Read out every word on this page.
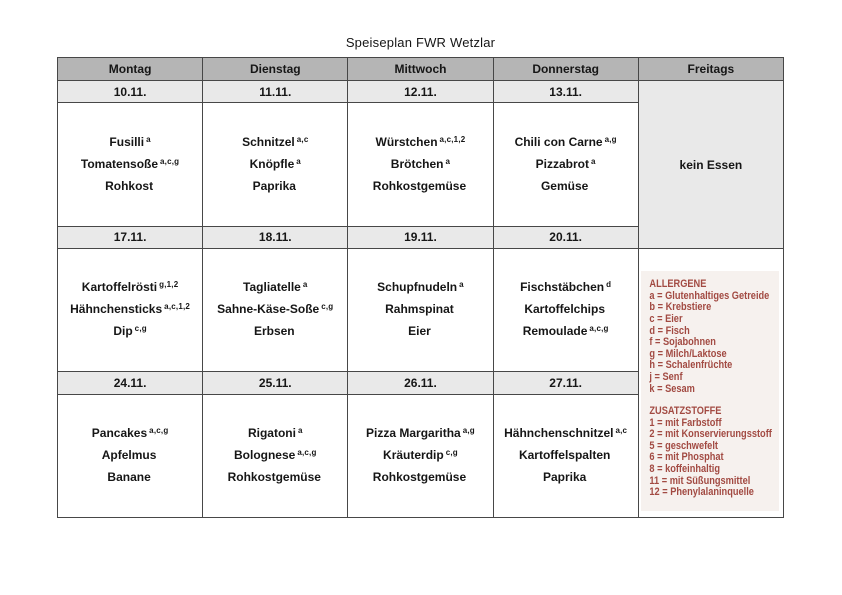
Speiseplan FWR Wetzlar
Montag	Dienstag	Mittwoch	Donnerstag	Freitags
10.11.	11.11.	12.11.	13.11.	kein Essen

Fusilli $^a$
Tomatensoße $^{a,c,g}$
Rohkost

Schnitzel $^{a,c}$
Knöpfle $^a$
Paprika

Würstchen $^{a,c,1,2}$
Brötchen $^a$
Rohkostgemüse

Chili con Carne $^{a,g}$
Pizzabrot $^a$
Gemüse

17.11.	18.11.	19.11.	20.11.	

Kartoffelrösti $^{g,1,2}$
Hähnchensticks $^{a,c,1,2}$
Dip $^{c,g}$

Tagliatelle $^a$
Sahne-Käse-Soße $^{c,g}$
Erbsen

Schupfnudeln $^a$
Rahmspinat
Eier

Fischstäbchen $^d$
Kartoffelchips
Remoulade $^{a,c,g}$

ALLERGENE
a = Glutenhaltiges Getreide
b = Krebstiere
c = Eier
d = Fisch
f = Sojabohnen
g = Milch/Laktose
h = Schalenfrüchte
j = Senf
k = Sesam
ZUSATZSTOFFE
1 = mit Farbstoff
2 = mit Konservierungsstoff
5 = geschwefelt
6 = mit Phosphat
8 = koffeinhaltig
11 = mit Süßungsmittel
12 = Phenylalaninquelle

24.11.	25.11.	26.11.	27.11.	

Pancakes $^{a,c,g}$
Apfelmus
Banane

Rigatoni $^a$
Bolognese $^{a,c,g}$
Rohkostgemüse

Pizza Margaritha $^{a,g}$
Kräuterdip $^{c,g}$
Rohkostgemüse

Hähnchenschnitzel $^{a,c}$
Kartoffelspalten
Paprika
